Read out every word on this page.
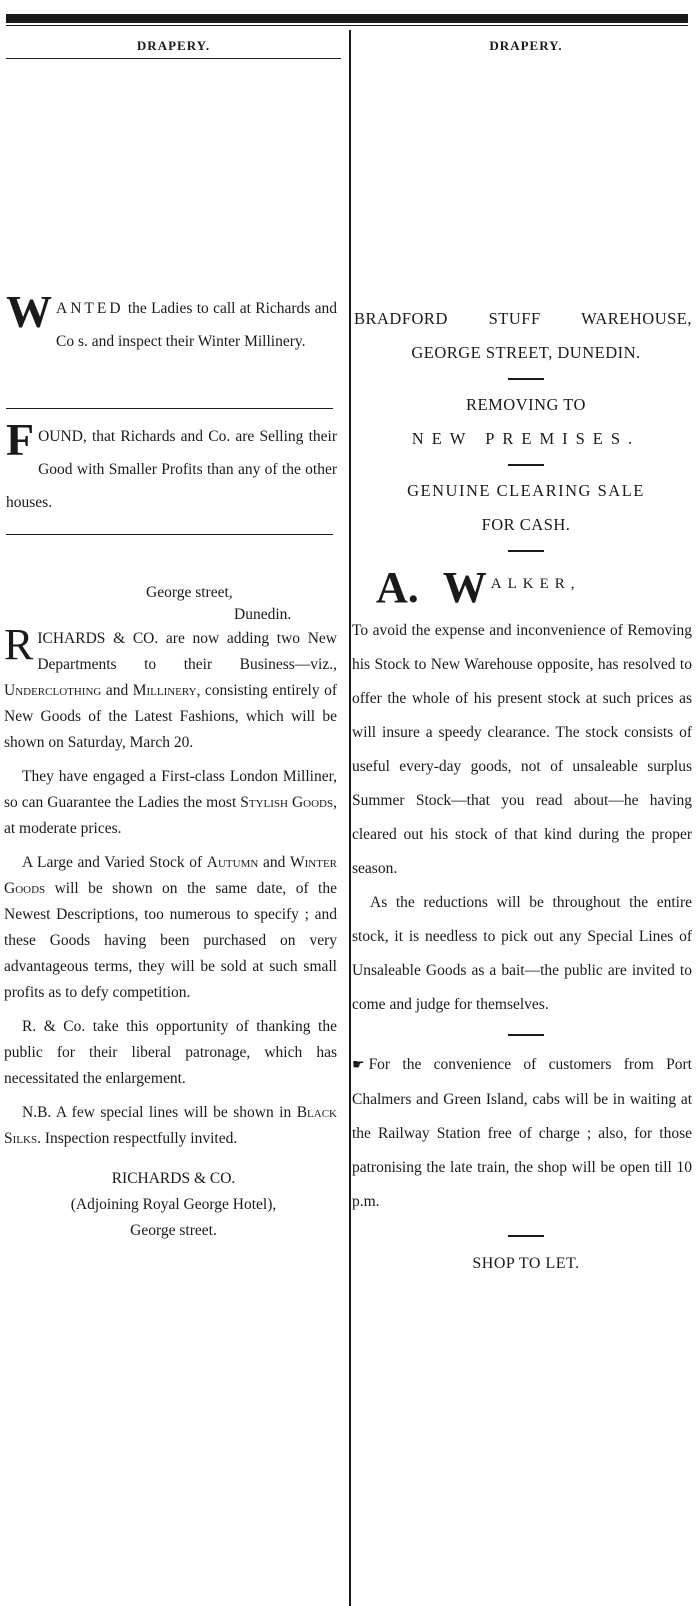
DRAPERY.

WANTED the Ladies to call at Richards and Co s. and inspect their Winter Millinery.

FOUND, that Richards and Co. are Selling their Good with Smaller Profits than any of the other houses.

George street,
Dunedin.

RICHARDS & CO. are now adding two New Departments to their Business—viz., Underclothing and Millinery, consisting entirely of New Goods of the Latest Fashions, which will be shown on Saturday, March 20.

They have engaged a First-class London Milliner, so can Guarantee the Ladies the most Stylish Goods, at moderate prices.

A Large and Varied Stock of Autumn and Winter Goods will be shown on the same date, of the Newest Descriptions, too numerous to specify ; and these Goods having been purchased on very advantageous terms, they will be sold at such small profits as to defy competition.

R. & Co. take this opportunity of thanking the public for their liberal patronage, which has necessitated the enlargement.

N.B. A few special lines will be shown in Black Silks. Inspection respectfully invited.

RICHARDS & CO.
(Adjoining Royal George Hotel),
George street.
DRAPERY.
BRADFORD STUFF WAREHOUSE,
GEORGE STREET, DUNEDIN.
REMOVING TO
NEW PREMISES.
GENUINE CLEARING SALE
FOR CASH.
A. W ALKER,

To avoid the expense and inconvenience of Removing his Stock to New Warehouse opposite, has resolved to offer the whole of his present stock at such prices as will insure a speedy clearance. The stock consists of useful every-day goods, not of unsaleable surplus Summer Stock—that you read about—he having cleared out his stock of that kind during the proper season.

As the reductions will be throughout the entire stock, it is needless to pick out any Special Lines of Unsaleable Goods as a bait—the public are invited to come and judge for themselves.

☛ For the convenience of customers from Port Chalmers and Green Island, cabs will be in waiting at the Railway Station free of charge ; also, for those patronising the late train, the shop will be open till 10 p.m.

SHOP TO LET.
